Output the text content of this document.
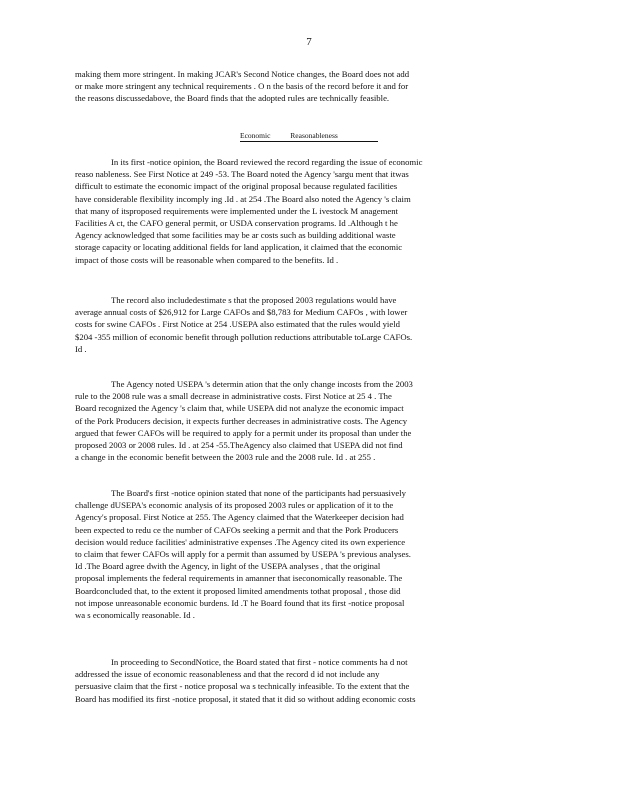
7

making them more stringent. In making JCAR's Second Notice changes, the Board does not add
or make more stringent any technical requirements . O n the basis of the record before it and for
the reasons discussedabove, the Board finds that the adopted rules are technically feasible.

Economic	Reasonableness

In its first -notice opinion, the Board reviewed the record regarding the issue of economic
reaso nableness. See First Notice at 249 -53. The Board noted the Agency 'sargu ment that itwas
difficult to estimate the economic impact of the original proposal because regulated facilities
have considerable flexibility incomply ing .Id . at 254 .The Board also noted the Agency 's claim
that many of itsproposed requirements were implemented under the L ivestock M anagement
Facilities A ct, the CAFO general permit, or USDA conservation programs. Id .Although t he
Agency acknowledged that some facilities may be ar costs such as building additional waste
storage capacity or locating additional fields for land application, it claimed that the economic
impact of those costs will be reasonable when compared to the benefits. Id .

The record also includedestimate s that the proposed 2003 regulations would have
average annual costs of $26,912 for Large CAFOs and $8,783 for Medium CAFOs , with lower
costs for swine CAFOs . First Notice at 254 .USEPA also estimated that the rules would yield
$204 -355 million of economic benefit through pollution reductions attributable toLarge CAFOs.
Id .

The Agency noted USEPA 's determin ation that the only change incosts from the 2003
rule to the 2008 rule was a small decrease in administrative costs. First Notice at 25 4 . The
Board recognized the Agency 's claim that, while USEPA did not analyze the economic impact
of the Pork Producers decision, it expects further decreases in administrative costs. The Agency
argued that fewer CAFOs will be required to apply for a permit under its proposal than under the
proposed 2003 or 2008 rules. Id . at 254 -55.TheAgency also claimed that USEPA did not find
a change in the economic benefit between the 2003 rule and the 2008 rule. Id . at 255 .

The Board's first -notice opinion stated that none of the participants had persuasively
challenge dUSEPA's economic analysis of its proposed 2003 rules or application of it to the
Agency's proposal. First Notice at 255. The Agency claimed that the Waterkeeper decision had
been expected to redu ce the number of CAFOs seeking a permit and that the Pork Producers
decision would reduce facilities' administrative expenses .The Agency cited its own experience
to claim that fewer CAFOs will apply for a permit than assumed by USEPA 's previous analyses.
Id .The Board agree dwith the Agency, in light of the USEPA analyses , that the original
proposal implements the federal requirements in amanner that iseconomically reasonable. The
Boardconcluded that, to the extent it proposed limited amendments tothat proposal , those did
not impose unreasonable economic burdens. Id .T he Board found that its first -notice proposal
wa s economically reasonable. Id .

In proceeding to SecondNotice, the Board stated that first - notice comments ha d not
addressed the issue of economic reasonableness and that the record d id not include any
persuasive claim that the first - notice proposal wa s technically infeasible. To the extent that the
Board has modified its first -notice proposal, it stated that it did so without adding economic costs
